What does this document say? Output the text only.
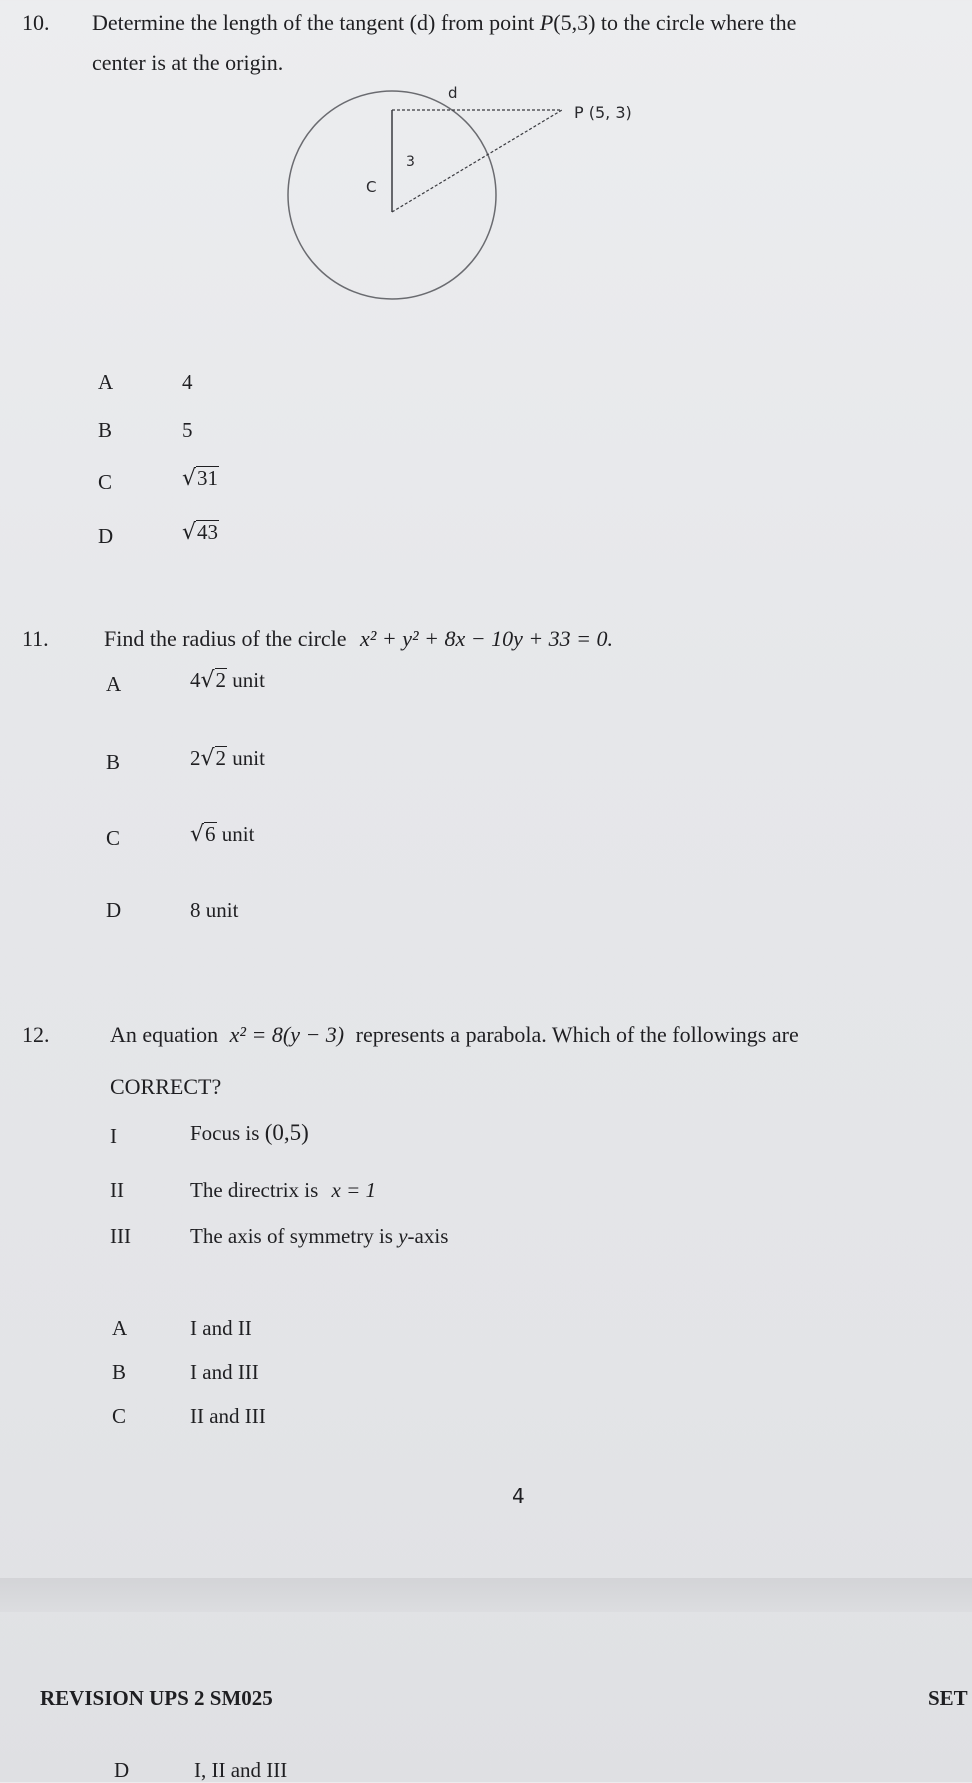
10. Determine the length of the tangent (d) from point P(5,3) to the circle where the
center is at the origin.
d
P (5, 3)
3
C
A	4
B	5
C	√31
D	√43
11.	Find the radius of the circle x² + y² + 8x − 10y + 33 = 0.
A	4√2 unit
B	2√2 unit
C	√6 unit
D	8 unit
12.	An equation x² = 8(y − 3) represents a parabola. Which of the followings are
CORRECT?
I	Focus is (0,5)
II	The directrix is x = 1
III	The axis of symmetry is y-axis
A	I and II
B	I and III
C	II and III
4
REVISION UPS 2 SM025	SET
D	I, II and III
